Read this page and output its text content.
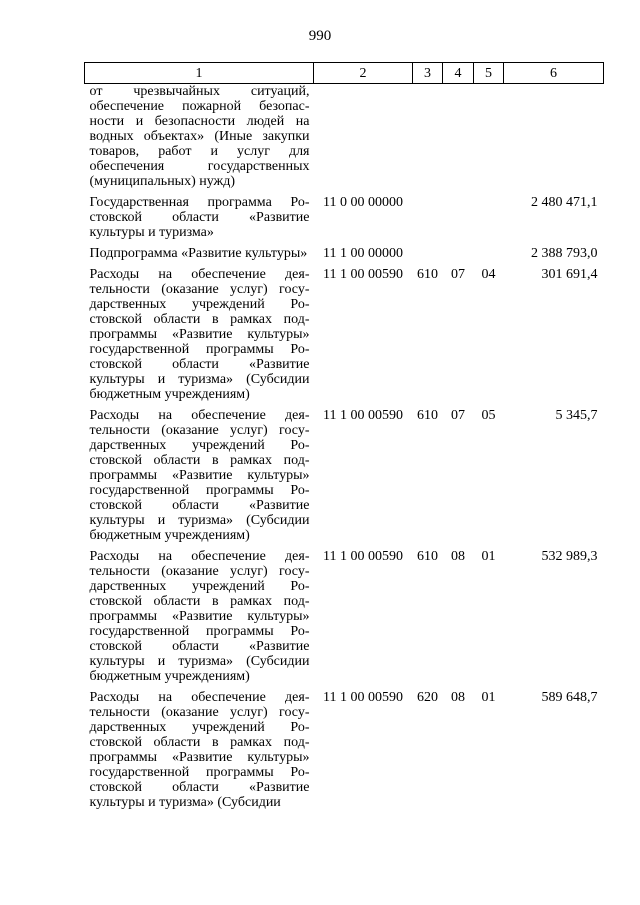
990
1	2	3	4	5	6
от чрезвычайных ситуаций, обеспечение пожарной безопасности и безопасности людей на водных объектах» (Иные закупки товаров, работ и услуг для обеспечения государственных (муниципальных) нужд)					
Государственная программа Ростовской области «Развитие культуры и туризма»	11 0 00 00000				2 480 471,1
Подпрограмма «Развитие культуры»	11 1 00 00000				2 388 793,0
Расходы на обеспечение деятельности (оказание услуг) государственных учреждений Ростовской области в рамках подпрограммы «Развитие культуры» государственной программы Ростовской области «Развитие культуры и туризма» (Субсидии бюджетным учреждениям)	11 1 00 00590	610	07	04	301 691,4
Расходы на обеспечение деятельности (оказание услуг) государственных учреждений Ростовской области в рамках подпрограммы «Развитие культуры» государственной программы Ростовской области «Развитие культуры и туризма» (Субсидии бюджетным учреждениям)	11 1 00 00590	610	07	05	5 345,7
Расходы на обеспечение деятельности (оказание услуг) государственных учреждений Ростовской области в рамках подпрограммы «Развитие культуры» государственной программы Ростовской области «Развитие культуры и туризма» (Субсидии бюджетным учреждениям)	11 1 00 00590	610	08	01	532 989,3
Расходы на обеспечение деятельности (оказание услуг) государственных учреждений Ростовской области в рамках подпрограммы «Развитие культуры» государственной программы Ростовской области «Развитие культуры и туризма» (Субсидии	11 1 00 00590	620	08	01	589 648,7
